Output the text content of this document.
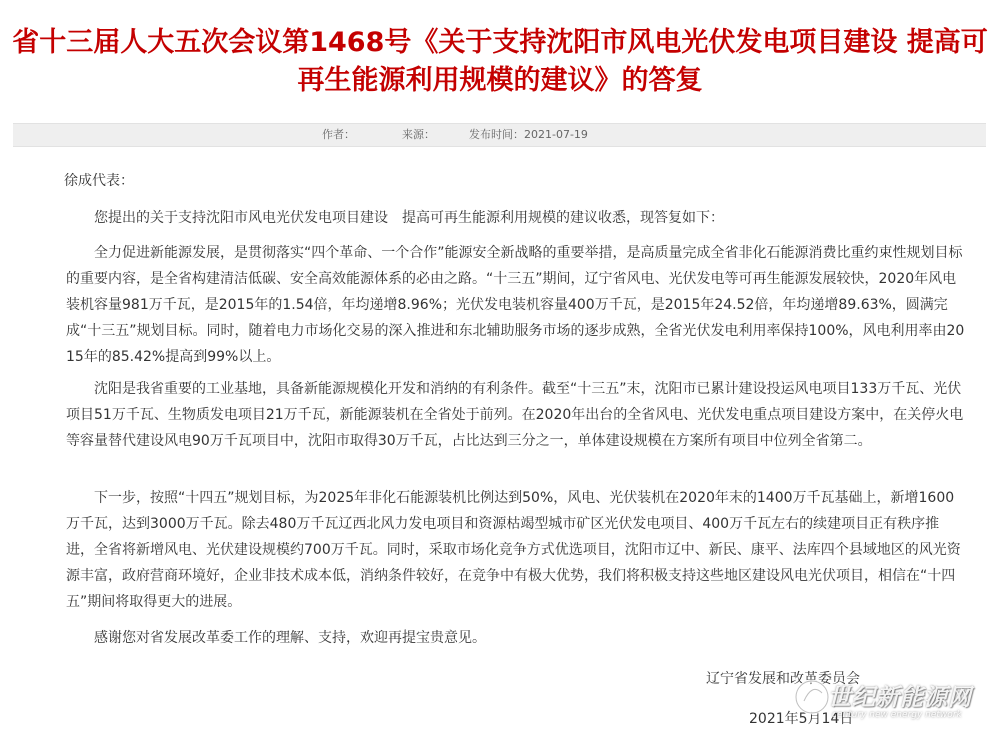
省十三届人大五次会议第1468号《关于支持沈阳市风电光伏发电项目建设 提高可
再生能源利用规模的建议》的答复
作者：	来源：	发布时间：2021-07-19
徐成代表：

您提出的关于支持沈阳市风电光伏发电项目建设　提高可再生能源利用规模的建议收悉，现答复如下：

全力促进新能源发展，是贯彻落实“四个革命、一个合作”能源安全新战略的重要举措，是高质量完成全省非化石能源消费比重约束性规划目标的重要内容，是全省构建清洁低碳、安全高效能源体系的必由之路。“十三五”期间，辽宁省风电、光伏发电等可再生能源发展较快，2020年风电装机容量981万千瓦，是2015年的1.54倍，年均递增8.96%；光伏发电装机容量400万千瓦，是2015年24.52倍，年均递增89.63%，圆满完成“十三五”规划目标。同时，随着电力市场化交易的深入推进和东北辅助服务市场的逐步成熟，全省光伏发电利用率保持100%，风电利用率由2015年的85.42%提高到99%以上。

沈阳是我省重要的工业基地，具备新能源规模化开发和消纳的有利条件。截至“十三五”末，沈阳市已累计建设投运风电项目133万千瓦、光伏项目51万千瓦、生物质发电项目21万千瓦，新能源装机在全省处于前列。在2020年出台的全省风电、光伏发电重点项目建设方案中，在关停火电等容量替代建设风电90万千瓦项目中，沈阳市取得30万千瓦，占比达到三分之一，单体建设规模在方案所有项目中位列全省第二。

下一步，按照“十四五”规划目标，为2025年非化石能源装机比例达到50%，风电、光伏装机在2020年末的1400万千瓦基础上，新增1600万千瓦，达到3000万千瓦。除去480万千瓦辽西北风力发电项目和资源枯竭型城市矿区光伏发电项目、400万千瓦左右的续建项目正有秩序推进，全省将新增风电、光伏建设规模约700万千瓦。同时，采取市场化竞争方式优选项目，沈阳市辽中、新民、康平、法库四个县域地区的风光资源丰富，政府营商环境好，企业非技术成本低，消纳条件较好，在竞争中有极大优势，我们将积极支持这些地区建设风电光伏项目，相信在“十四五”期间将取得更大的进展。

感谢您对省发展改革委工作的理解、支持，欢迎再提宝贵意见。

辽宁省发展和改革委员会
2021年5月14日
世纪新能源网
century new energy network
